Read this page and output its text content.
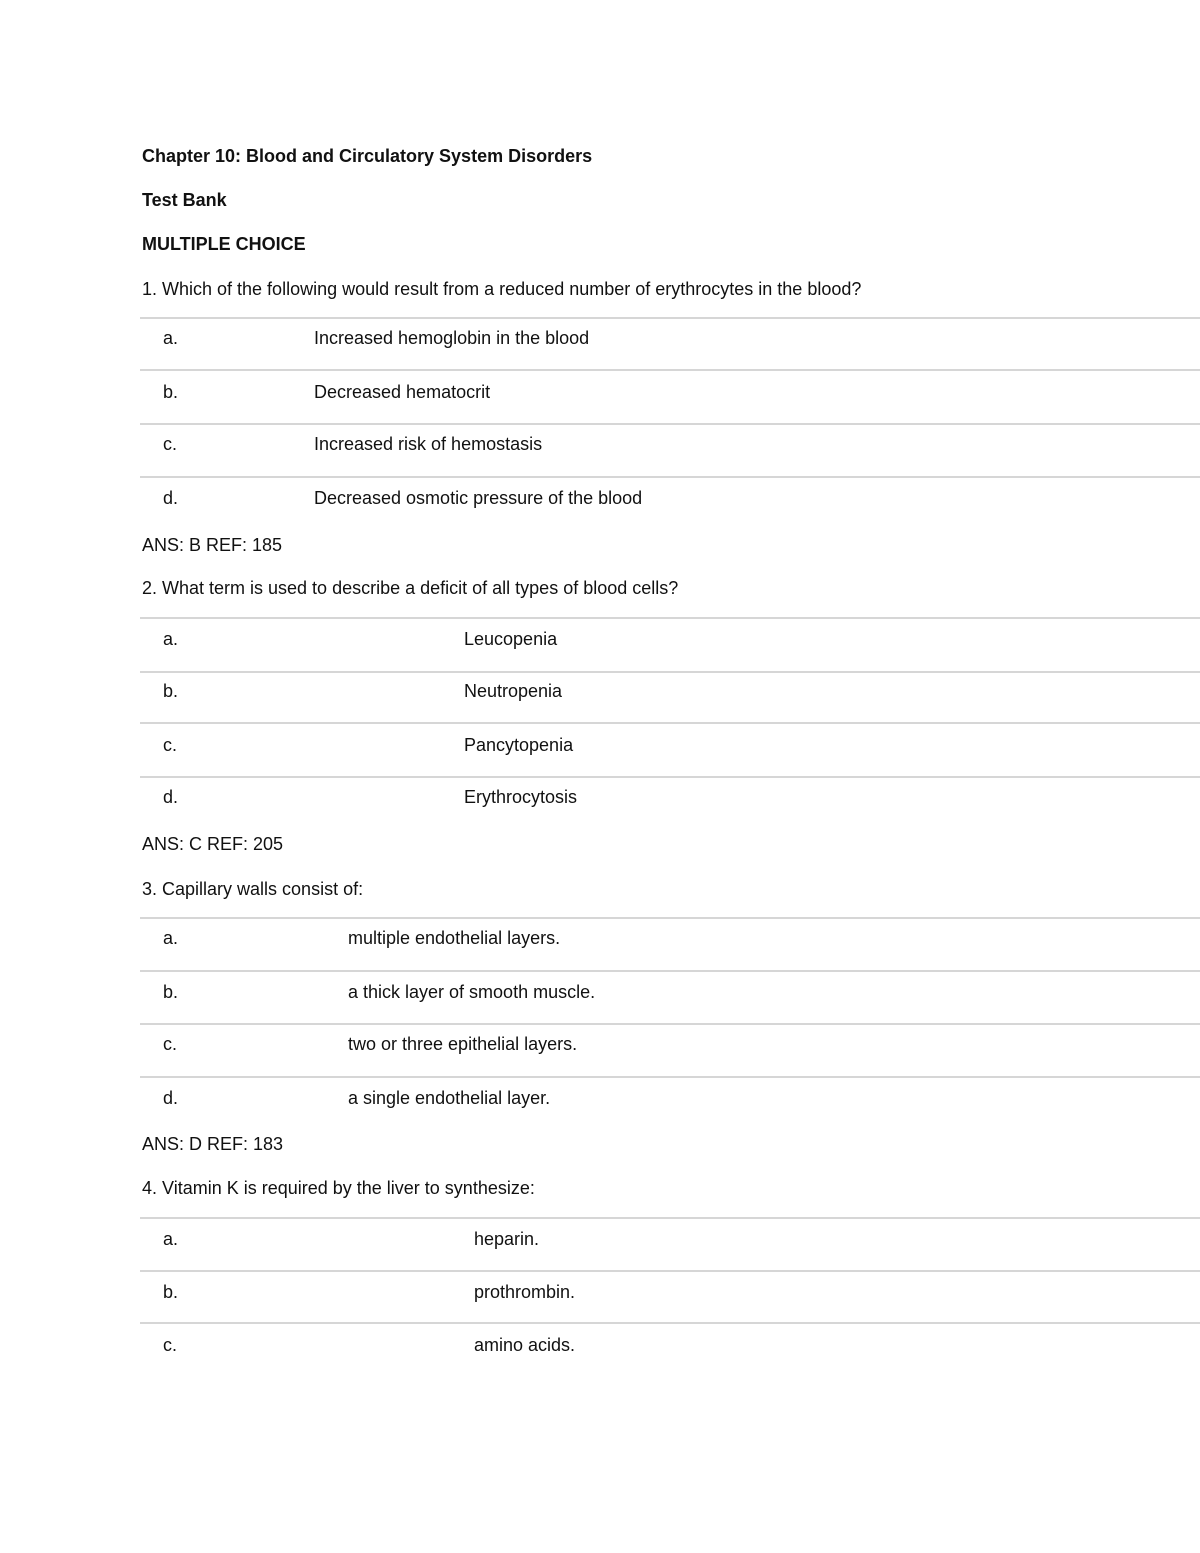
Chapter 10: Blood and Circulatory System Disorders
Test Bank
MULTIPLE CHOICE
1. Which of the following would result from a reduced number of erythrocytes in the blood?
a.	Increased hemoglobin in the blood
b.	Decreased hematocrit
c.	Increased risk of hemostasis
d.	Decreased osmotic pressure of the blood
ANS: B REF: 185
2. What term is used to describe a deficit of all types of blood cells?
a.	Leucopenia
b.	Neutropenia
c.	Pancytopenia
d.	Erythrocytosis
ANS: C REF: 205
3. Capillary walls consist of:
a.	multiple endothelial layers.
b.	a thick layer of smooth muscle.
c.	two or three epithelial layers.
d.	a single endothelial layer.
ANS: D REF: 183
4. Vitamin K is required by the liver to synthesize:
a.	heparin.
b.	prothrombin.
c.	amino acids.
